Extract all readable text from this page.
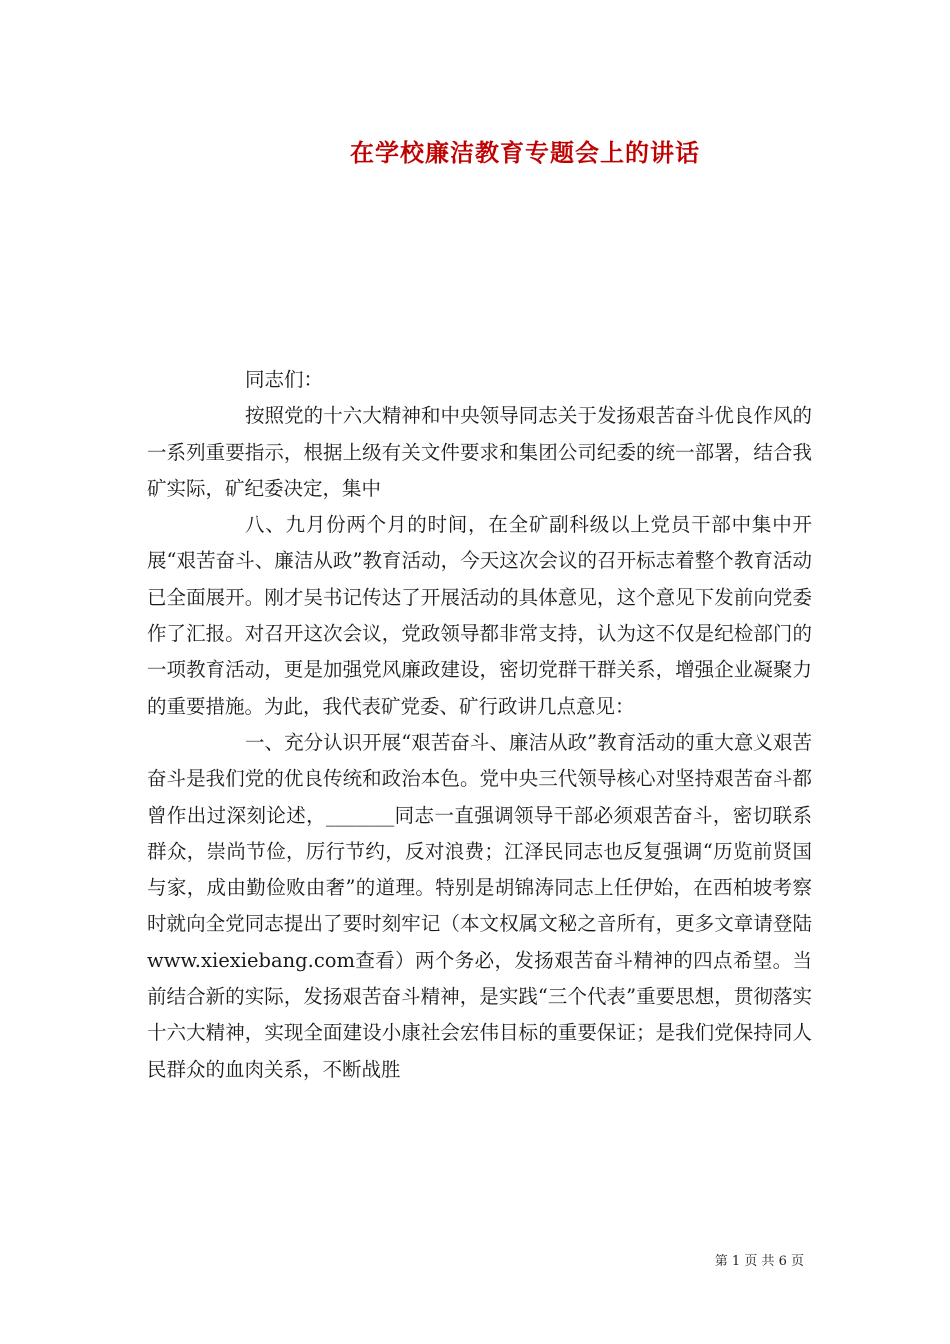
在学校廉洁教育专题会上的讲话

同志们：

按照党的十六大精神和中央领导同志关于发扬艰苦奋斗优良作风的一系列重要指示，根据上级有关文件要求和集团公司纪委的统一部署，结合我矿实际，矿纪委决定，集中

八、九月份两个月的时间，在全矿副科级以上党员干部中集中开展“艰苦奋斗、廉洁从政”教育活动，今天这次会议的召开标志着整个教育活动已全面展开。刚才吴书记传达了开展活动的具体意见，这个意见下发前向党委作了汇报。对召开这次会议，党政领导都非常支持，认为这不仅是纪检部门的一项教育活动，更是加强党风廉政建设，密切党群干群关系，增强企业凝聚力的重要措施。为此，我代表矿党委、矿行政讲几点意见：

一、充分认识开展“艰苦奋斗、廉洁从政”教育活动的重大意义艰苦奋斗是我们党的优良传统和政治本色。党中央三代领导核心对坚持艰苦奋斗都曾作出过深刻论述，_______同志一直强调领导干部必须艰苦奋斗，密切联系群众，崇尚节俭，厉行节约，反对浪费；江泽民同志也反复强调“历览前贤国与家，成由勤俭败由奢”的道理。特别是胡锦涛同志上任伊始，在西柏坡考察时就向全党同志提出了要时刻牢记（本文权属文秘之音所有，更多文章请登陆www.xiexiebang.com查看）两个务必，发扬艰苦奋斗精神的四点希望。当前结合新的实际，发扬艰苦奋斗精神，是实践“三个代表”重要思想，贯彻落实十六大精神，实现全面建设小康社会宏伟目标的重要保证；是我们党保持同人民群众的血肉关系，不断战胜

第 1 页 共 6 页
